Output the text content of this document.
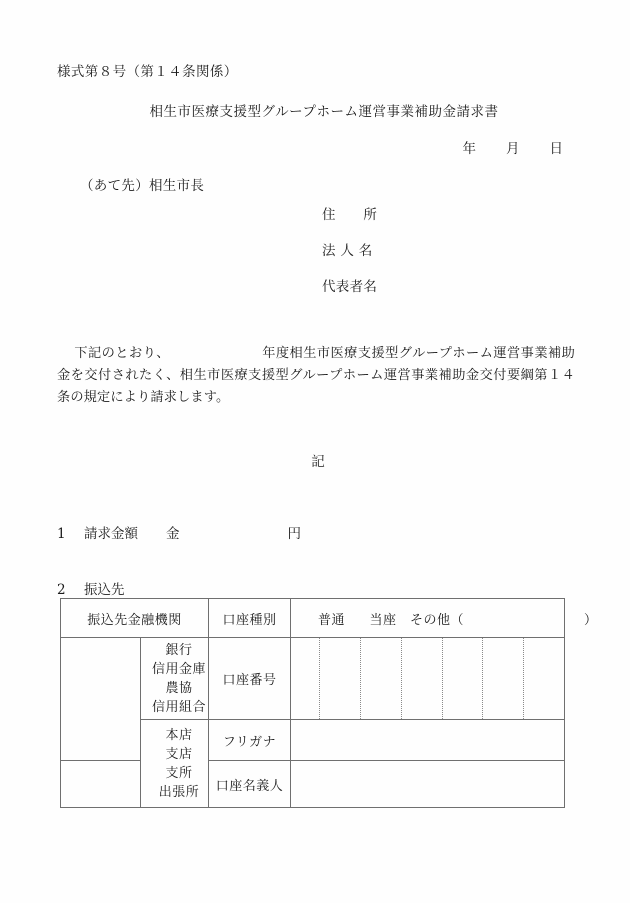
様式第８号（第１４条関係）
相生市医療支援型グループホーム運営事業補助金請求書
年 月 日
（あて先）相生市長
住　　所
法 人 名
代表者名
下記のとおり、	年度相生市医療支援型グループホーム運営事業補助金を交付されたく、相生市医療支援型グループホーム運営事業補助金交付要綱第１４条の規定により請求します。
記
1 請求金額 金	円
2 振込先
振込先金融機関		口座種別	普通 当座 その他（ ）

	銀行
信用金庫
農協
信用組合	口座番号	

	本店
支店
支所
出張所	フリガナ	
		口座名義人	
